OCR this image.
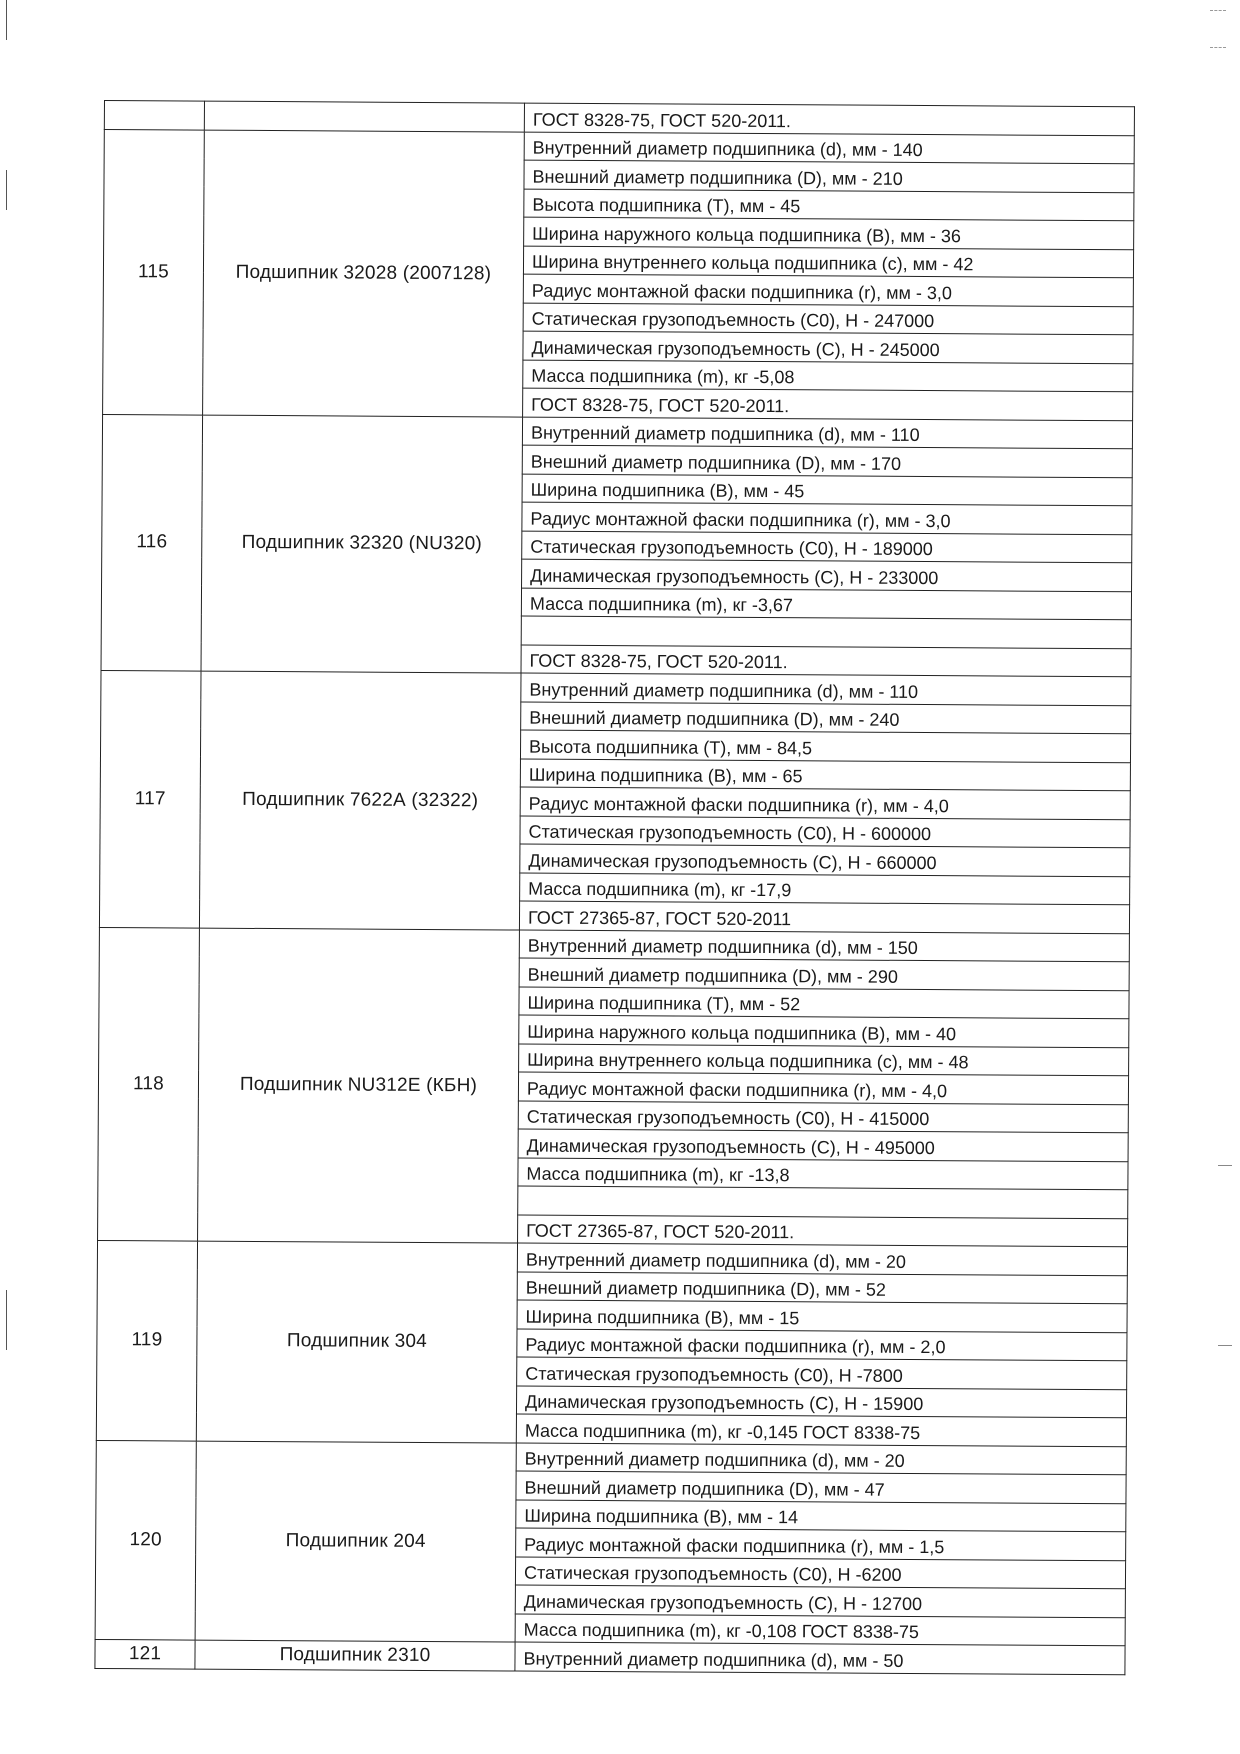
		ГОСТ 8328-75, ГОСТ 520-2011.
115	Подшипник 32028 (2007128)	Внутренний диаметр подшипника (d), мм - 140
		Внешний диаметр подшипника (D), мм - 210
		Высота подшипника (Т), мм - 45
		Ширина наружного кольца подшипника (В), мм - 36
		Ширина внутреннего кольца подшипника (с), мм - 42
		Радиус монтажной фаски подшипника (r), мм - 3,0
		Статическая грузоподъемность (С0), Н - 247000
		Динамическая грузоподъемность (С), Н - 245000
		Масса подшипника (m), кг -5,08
		ГОСТ 8328-75, ГОСТ 520-2011.
116	Подшипник 32320 (NU320)	Внутренний диаметр подшипника (d), мм - 110
		Внешний диаметр подшипника (D), мм - 170
		Ширина подшипника (В), мм - 45
		Радиус монтажной фаски подшипника (r), мм - 3,0
		Статическая грузоподъемность (С0), Н - 189000
		Динамическая грузоподъемность (С), Н - 233000
		Масса подшипника (m), кг -3,67

		ГОСТ 8328-75, ГОСТ 520-2011.
117	Подшипник 7622А (32322)	Внутренний диаметр подшипника (d), мм - 110
		Внешний диаметр подшипника (D), мм - 240
		Высота подшипника (Т), мм - 84,5
		Ширина подшипника (В), мм - 65
		Радиус монтажной фаски подшипника (r), мм - 4,0
		Статическая грузоподъемность (С0), Н - 600000
		Динамическая грузоподъемность (С), Н - 660000
		Масса подшипника (m), кг -17,9
		ГОСТ 27365-87, ГОСТ 520-2011
118	Подшипник NU312E (КБН)	Внутренний диаметр подшипника (d), мм - 150
		Внешний диаметр подшипника (D), мм - 290
		Ширина подшипника (Т), мм - 52
		Ширина наружного кольца подшипника (В), мм - 40
		Ширина внутреннего кольца подшипника (с), мм - 48
		Радиус монтажной фаски подшипника (r), мм - 4,0
		Статическая грузоподъемность (С0), Н - 415000
		Динамическая грузоподъемность (С), Н - 495000
		Масса подшипника (m), кг -13,8

		ГОСТ 27365-87, ГОСТ 520-2011.
119	Подшипник 304	Внутренний диаметр подшипника (d), мм - 20
		Внешний диаметр подшипника (D), мм - 52
		Ширина подшипника (В), мм - 15
		Радиус монтажной фаски подшипника (r), мм - 2,0
		Статическая грузоподъемность (С0), Н -7800
		Динамическая грузоподъемность (С), Н - 15900
		Масса подшипника (m), кг -0,145 ГОСТ 8338-75
120	Подшипник 204	Внутренний диаметр подшипника (d), мм - 20
		Внешний диаметр подшипника (D), мм - 47
		Ширина подшипника (В), мм - 14
		Радиус монтажной фаски подшипника (r), мм - 1,5
		Статическая грузоподъемность (С0), Н -6200
		Динамическая грузоподъемность (С), Н - 12700
		Масса подшипника (m), кг -0,108 ГОСТ 8338-75
121	Подшипник 2310	Внутренний диаметр подшипника (d), мм - 50
